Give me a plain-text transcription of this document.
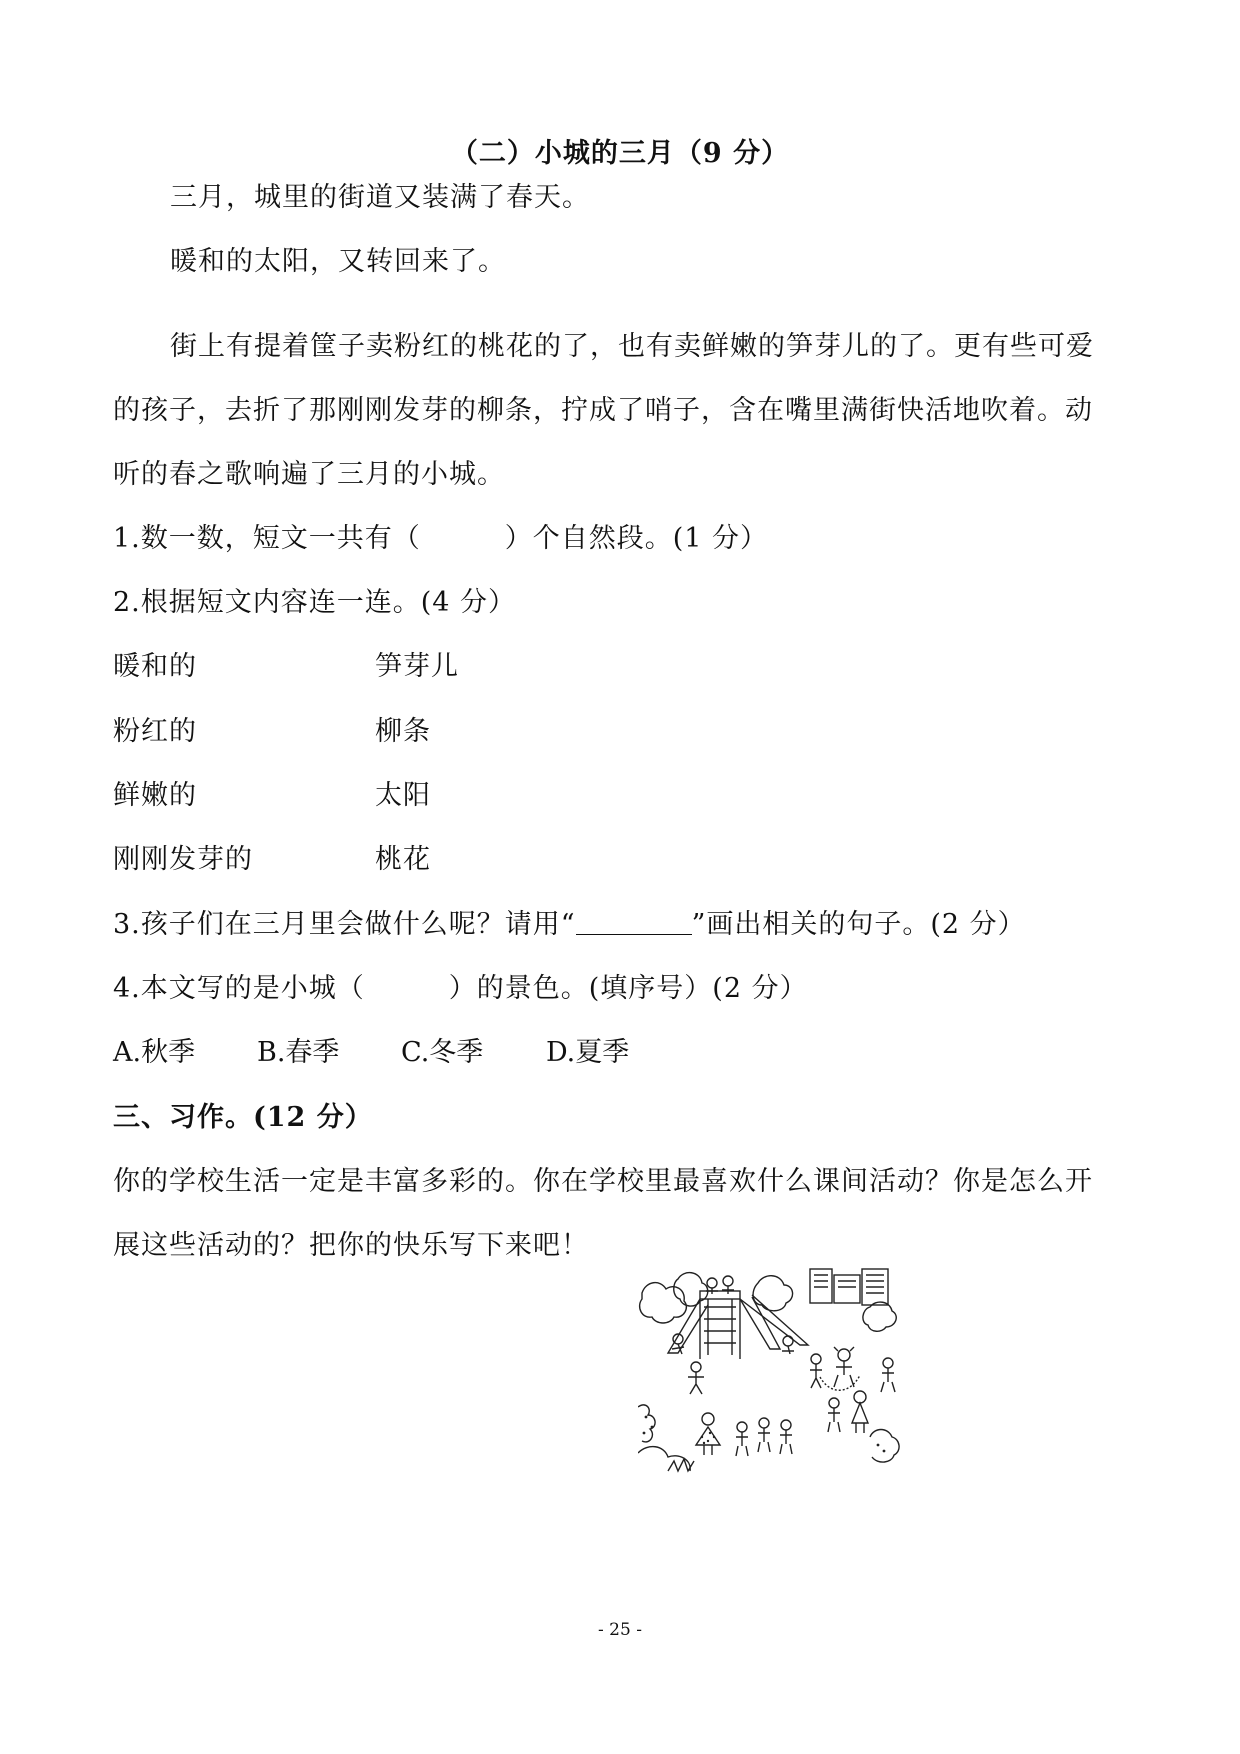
（二）小城的三月（9 分）
三月，城里的街道又装满了春天。
暖和的太阳，又转回来了。
街上有提着筐子卖粉红的桃花的了，也有卖鲜嫩的笋芽儿的了。更有些可爱
的孩子，去折了那刚刚发芽的柳条，拧成了哨子，含在嘴里满街快活地吹着。动
听的春之歌响遍了三月的小城。
1.数一数，短文一共有（　　　）个自然段。(1 分）
2.根据短文内容连一连。(4 分）
暖和的	笋芽儿
粉红的	柳条
鲜嫩的	太阳
刚刚发芽的	桃花
3.孩子们在三月里会做什么呢？请用“	”画出相关的句子。(2 分）
4.本文写的是小城（　　　）的景色。(填序号）(2 分）
A.秋季 B.春季 C.冬季 D.夏季
三、习作。(12 分）
你的学校生活一定是丰富多彩的。你在学校里最喜欢什么课间活动？你是怎么开
展这些活动的？把你的快乐写下来吧！
- 25 -
